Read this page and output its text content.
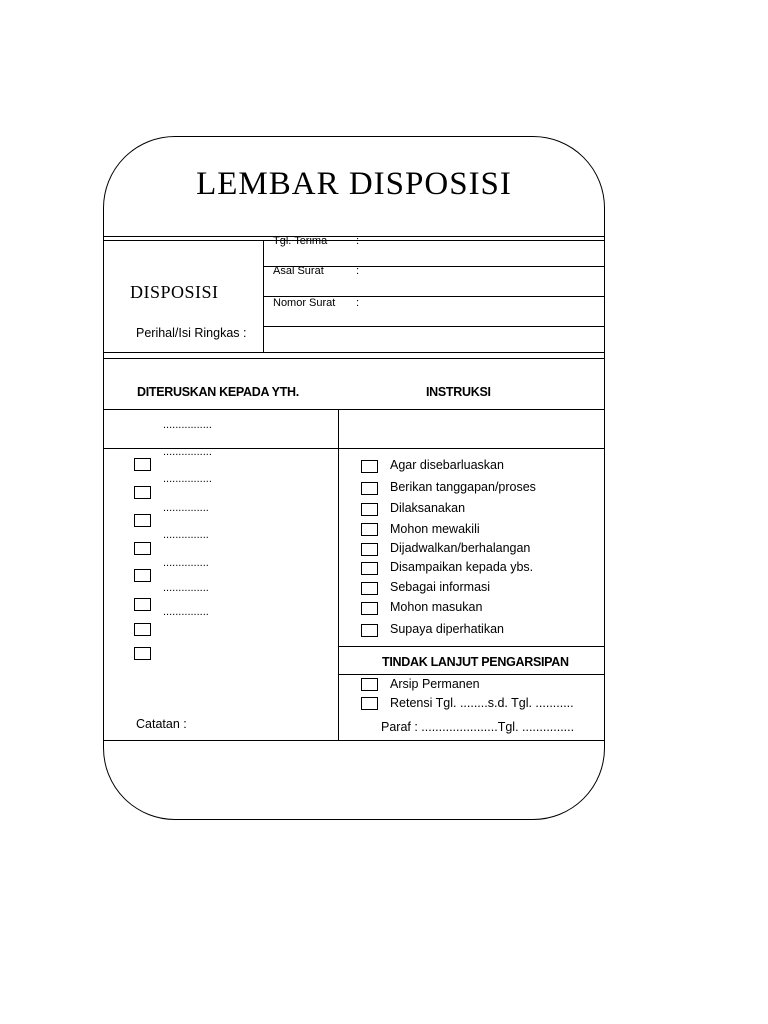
LEMBAR DISPOSISI
DISPOSISI
Perihal/Isi Ringkas :
Tgl. Terima	:
Asal Surat	:
Nomor Surat :
DITERUSKAN KEPADA YTH.	INSTRUKSI
................
................
................
...............
...............
...............
...............
...............
Agar disebarluaskan
Berikan tanggapan/proses
Dilaksanakan
Mohon mewakili
Dijadwalkan/berhalangan
Disampaikan kepada ybs.
Sebagai informasi
Mohon masukan
Supaya diperhatikan
TINDAK LANJUT PENGARSIPAN
Arsip Permanen
Retensi Tgl. ........s.d. Tgl. ...........
Paraf : ......................Tgl. ...............
Catatan :
